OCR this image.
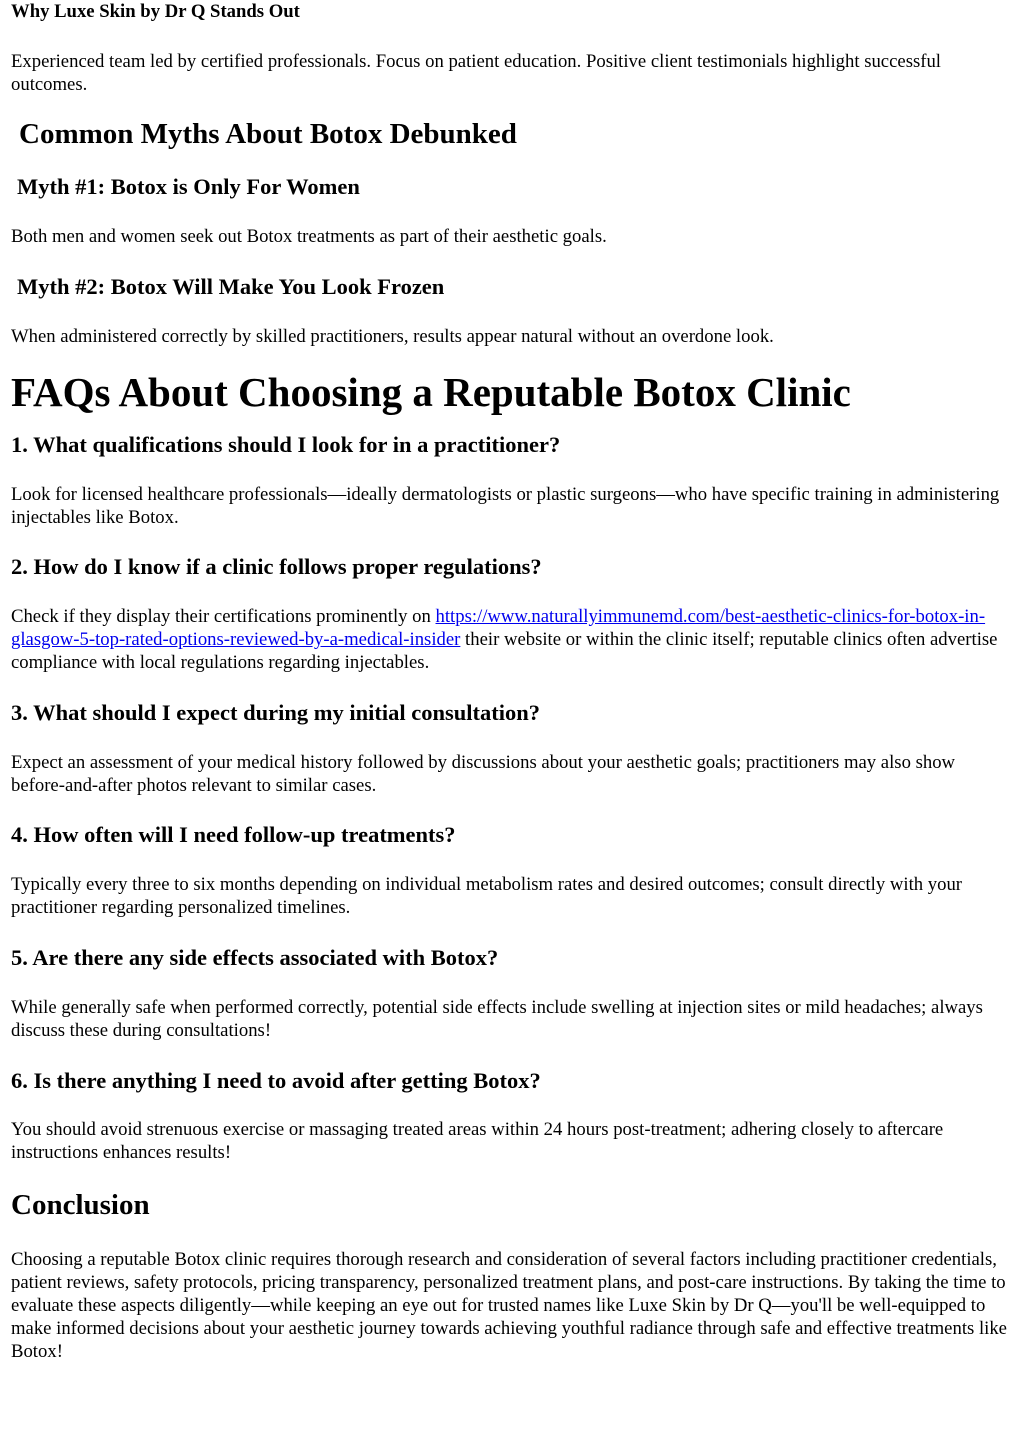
Why Luxe Skin by Dr Q Stands Out

Experienced team led by certified professionals. Focus on patient education. Positive client testimonials highlight successful outcomes.

Common Myths About Botox Debunked
Myth #1: Botox is Only For Women

Both men and women seek out Botox treatments as part of their aesthetic goals.

Myth #2: Botox Will Make You Look Frozen

When administered correctly by skilled practitioners, results appear natural without an overdone look.

FAQs About Choosing a Reputable Botox Clinic
1. What qualifications should I look for in a practitioner?

Look for licensed healthcare professionals—ideally dermatologists or plastic surgeons—who have specific training in administering injectables like Botox.

2. How do I know if a clinic follows proper regulations?

Check if they display their certifications prominently on https://www.naturallyimmunemd.com/best-aesthetic-clinics-for-botox-in-glasgow-5-top-rated-options-reviewed-by-a-medical-insider their website or within the clinic itself; reputable clinics often advertise compliance with local regulations regarding injectables.

3. What should I expect during my initial consultation?

Expect an assessment of your medical history followed by discussions about your aesthetic goals; practitioners may also show before-and-after photos relevant to similar cases.

4. How often will I need follow-up treatments?

Typically every three to six months depending on individual metabolism rates and desired outcomes; consult directly with your practitioner regarding personalized timelines.

5. Are there any side effects associated with Botox?

While generally safe when performed correctly, potential side effects include swelling at injection sites or mild headaches; always discuss these during consultations!

6. Is there anything I need to avoid after getting Botox?

You should avoid strenuous exercise or massaging treated areas within 24 hours post-treatment; adhering closely to aftercare instructions enhances results!

Conclusion

Choosing a reputable Botox clinic requires thorough research and consideration of several factors including practitioner credentials, patient reviews, safety protocols, pricing transparency, personalized treatment plans, and post-care instructions. By taking the time to evaluate these aspects diligently—while keeping an eye out for trusted names like Luxe Skin by Dr Q—you'll be well-equipped to make informed decisions about your aesthetic journey towards achieving youthful radiance through safe and effective treatments like Botox!
